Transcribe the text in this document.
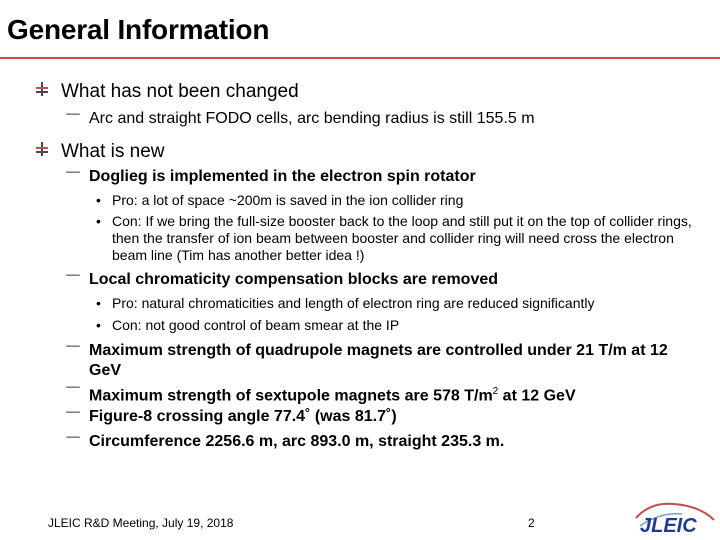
General Information
What has not been changed
－ Arc and straight FODO cells, arc bending radius is still 155.5 m
What is new
－ Doglieg is implemented in the electron spin rotator
• Pro: a lot of space ~200m is saved in the ion collider ring
• Con: If we bring the full-size booster back to the loop and still put it on the top of collider rings, then the transfer of ion beam between booster and collider ring will need cross the electron beam line (Tim has another better idea !)
－ Local chromaticity compensation blocks are removed
• Pro: natural chromaticities and length of electron ring are reduced significantly
• Con: not good control of beam smear at the IP
－ Maximum strength of quadrupole magnets are controlled under 21 T/m at 12 GeV
－ Maximum strength of sextupole magnets are 578 $T/m^2$ at 12 GeV
－ Figure-8 crossing angle 77.4˚ (was 81.7˚)
－ Circumference 2256.6 m, arc 893.0 m, straight 235.3 m.
JLEIC R&D Meeting, July 19, 2018	2	JLEIC
